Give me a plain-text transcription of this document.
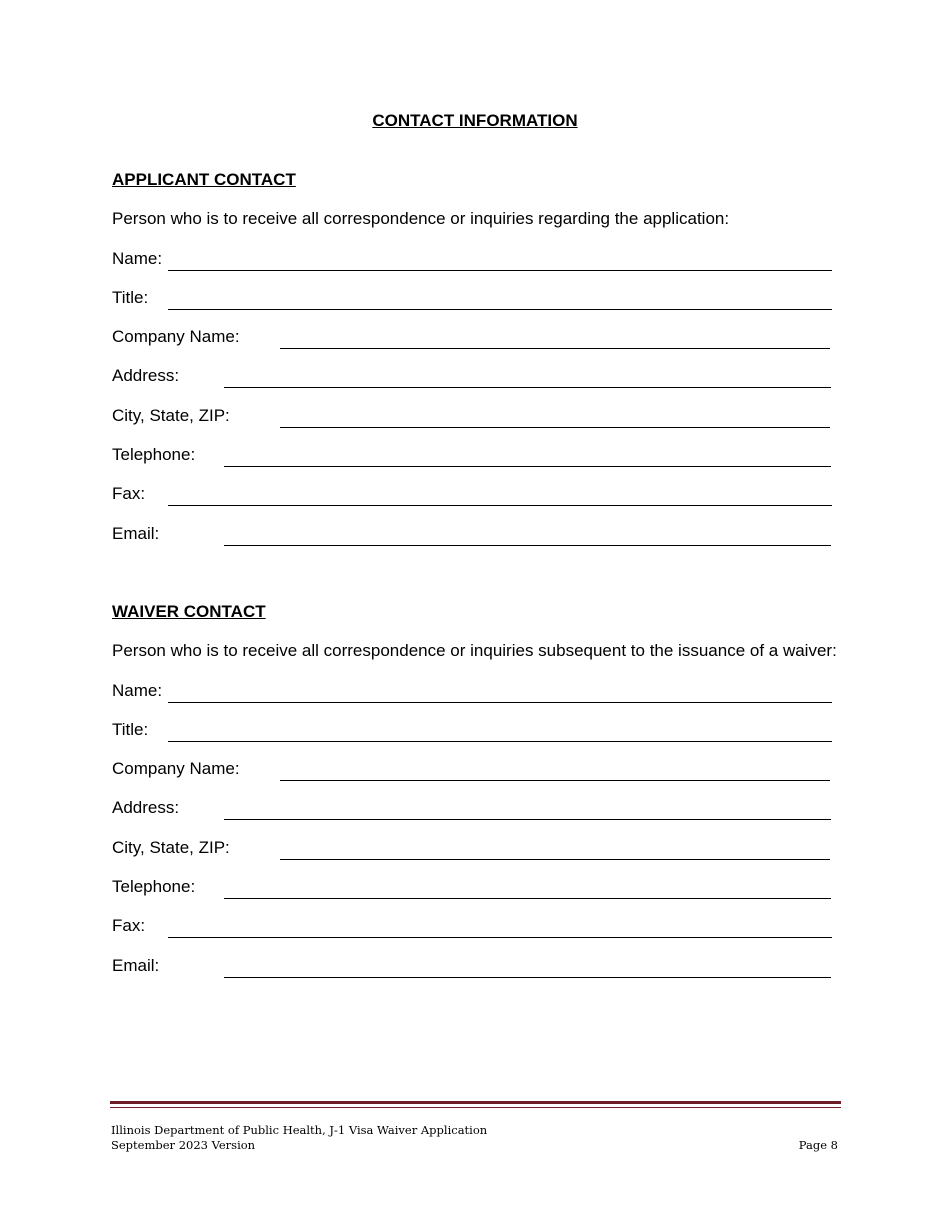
CONTACT INFORMATION
APPLICANT CONTACT
Person who is to receive all correspondence or inquiries regarding the application:
Name:
Title:
Company Name:
Address:
City, State, ZIP:
Telephone:
Fax:
Email:
WAIVER CONTACT
Person who is to receive all correspondence or inquiries subsequent to the issuance of a waiver:
Name:
Title:
Company Name:
Address:
City, State, ZIP:
Telephone:
Fax:
Email:
Illinois Department of Public Health, J-1 Visa Waiver Application
September 2023 Version	Page 8
